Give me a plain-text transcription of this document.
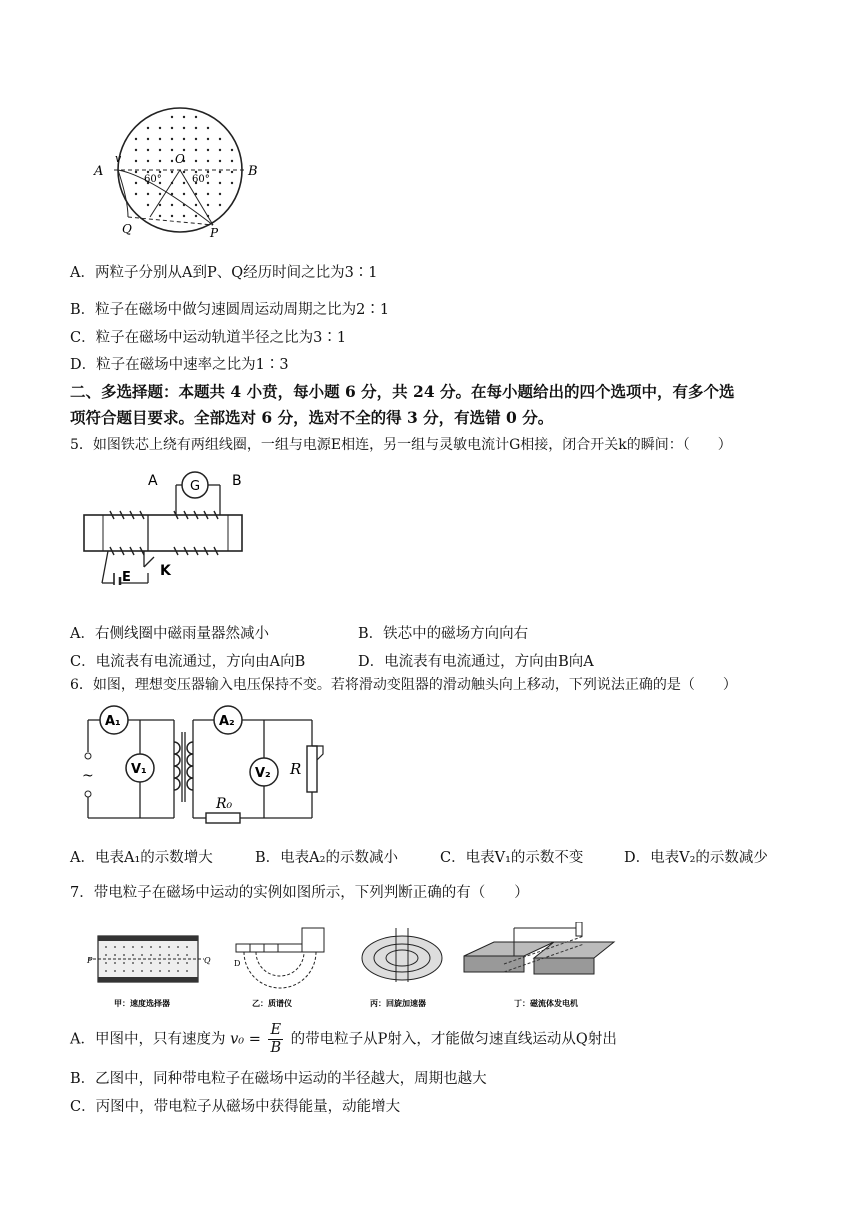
A
v	O
B
60°	60°
Q	P
A．两粒子分别从A到P、Q经历时间之比为3∶1
B．粒子在磁场中做匀速圆周运动周期之比为2∶1
C．粒子在磁场中运动轨道半径之比为3∶1
D．粒子在磁场中速率之比为1∶3
二、多选择题：本题共 4 小贲，每小题 6 分，共 24 分。在每小题给出的四个选项中，有多个选
项符合题目要求。全部选对 6 分，选对不全的得 3 分，有选错 0 分。
5．如图铁芯上绕有两组线圈，一组与电源E相连，另一组与灵敏电流计G相接，闭合开关k的瞬间：（　　）
A G B
K
E
A．右侧线圈中磁雨量器然减小	B．铁芯中的磁场方向向右
C．电流表有电流通过，方向由A向B	D．电流表有电流通过，方向由B向A
6．如图，理想变压器输入电压保持不变。若将滑动变阻器的滑动触头向上移动，下列说法正确的是（　　）
~
A₁
V₁
A₂
V₂ R
R₀
A．电表A₁的示数增大	B．电表A₂的示数减小	C．电表V₁的示数不变	D．电表V₂的示数减少
7．带电粒子在磁场中运动的实例如图所示，下列判断正确的有（　　）
P	Q	D
甲：速度选择器	乙：质谱仪	丙：回旋加速器	丁：磁流体发电机
A．甲图中，只有速度为 $v_0 = \frac{E}{B}$ 的带电粒子从P射入，才能做匀速直线运动从Q射出
B．乙图中，同种带电粒子在磁场中运动的半径越大，周期也越大
C．丙图中，带电粒子从磁场中获得能量，动能增大
